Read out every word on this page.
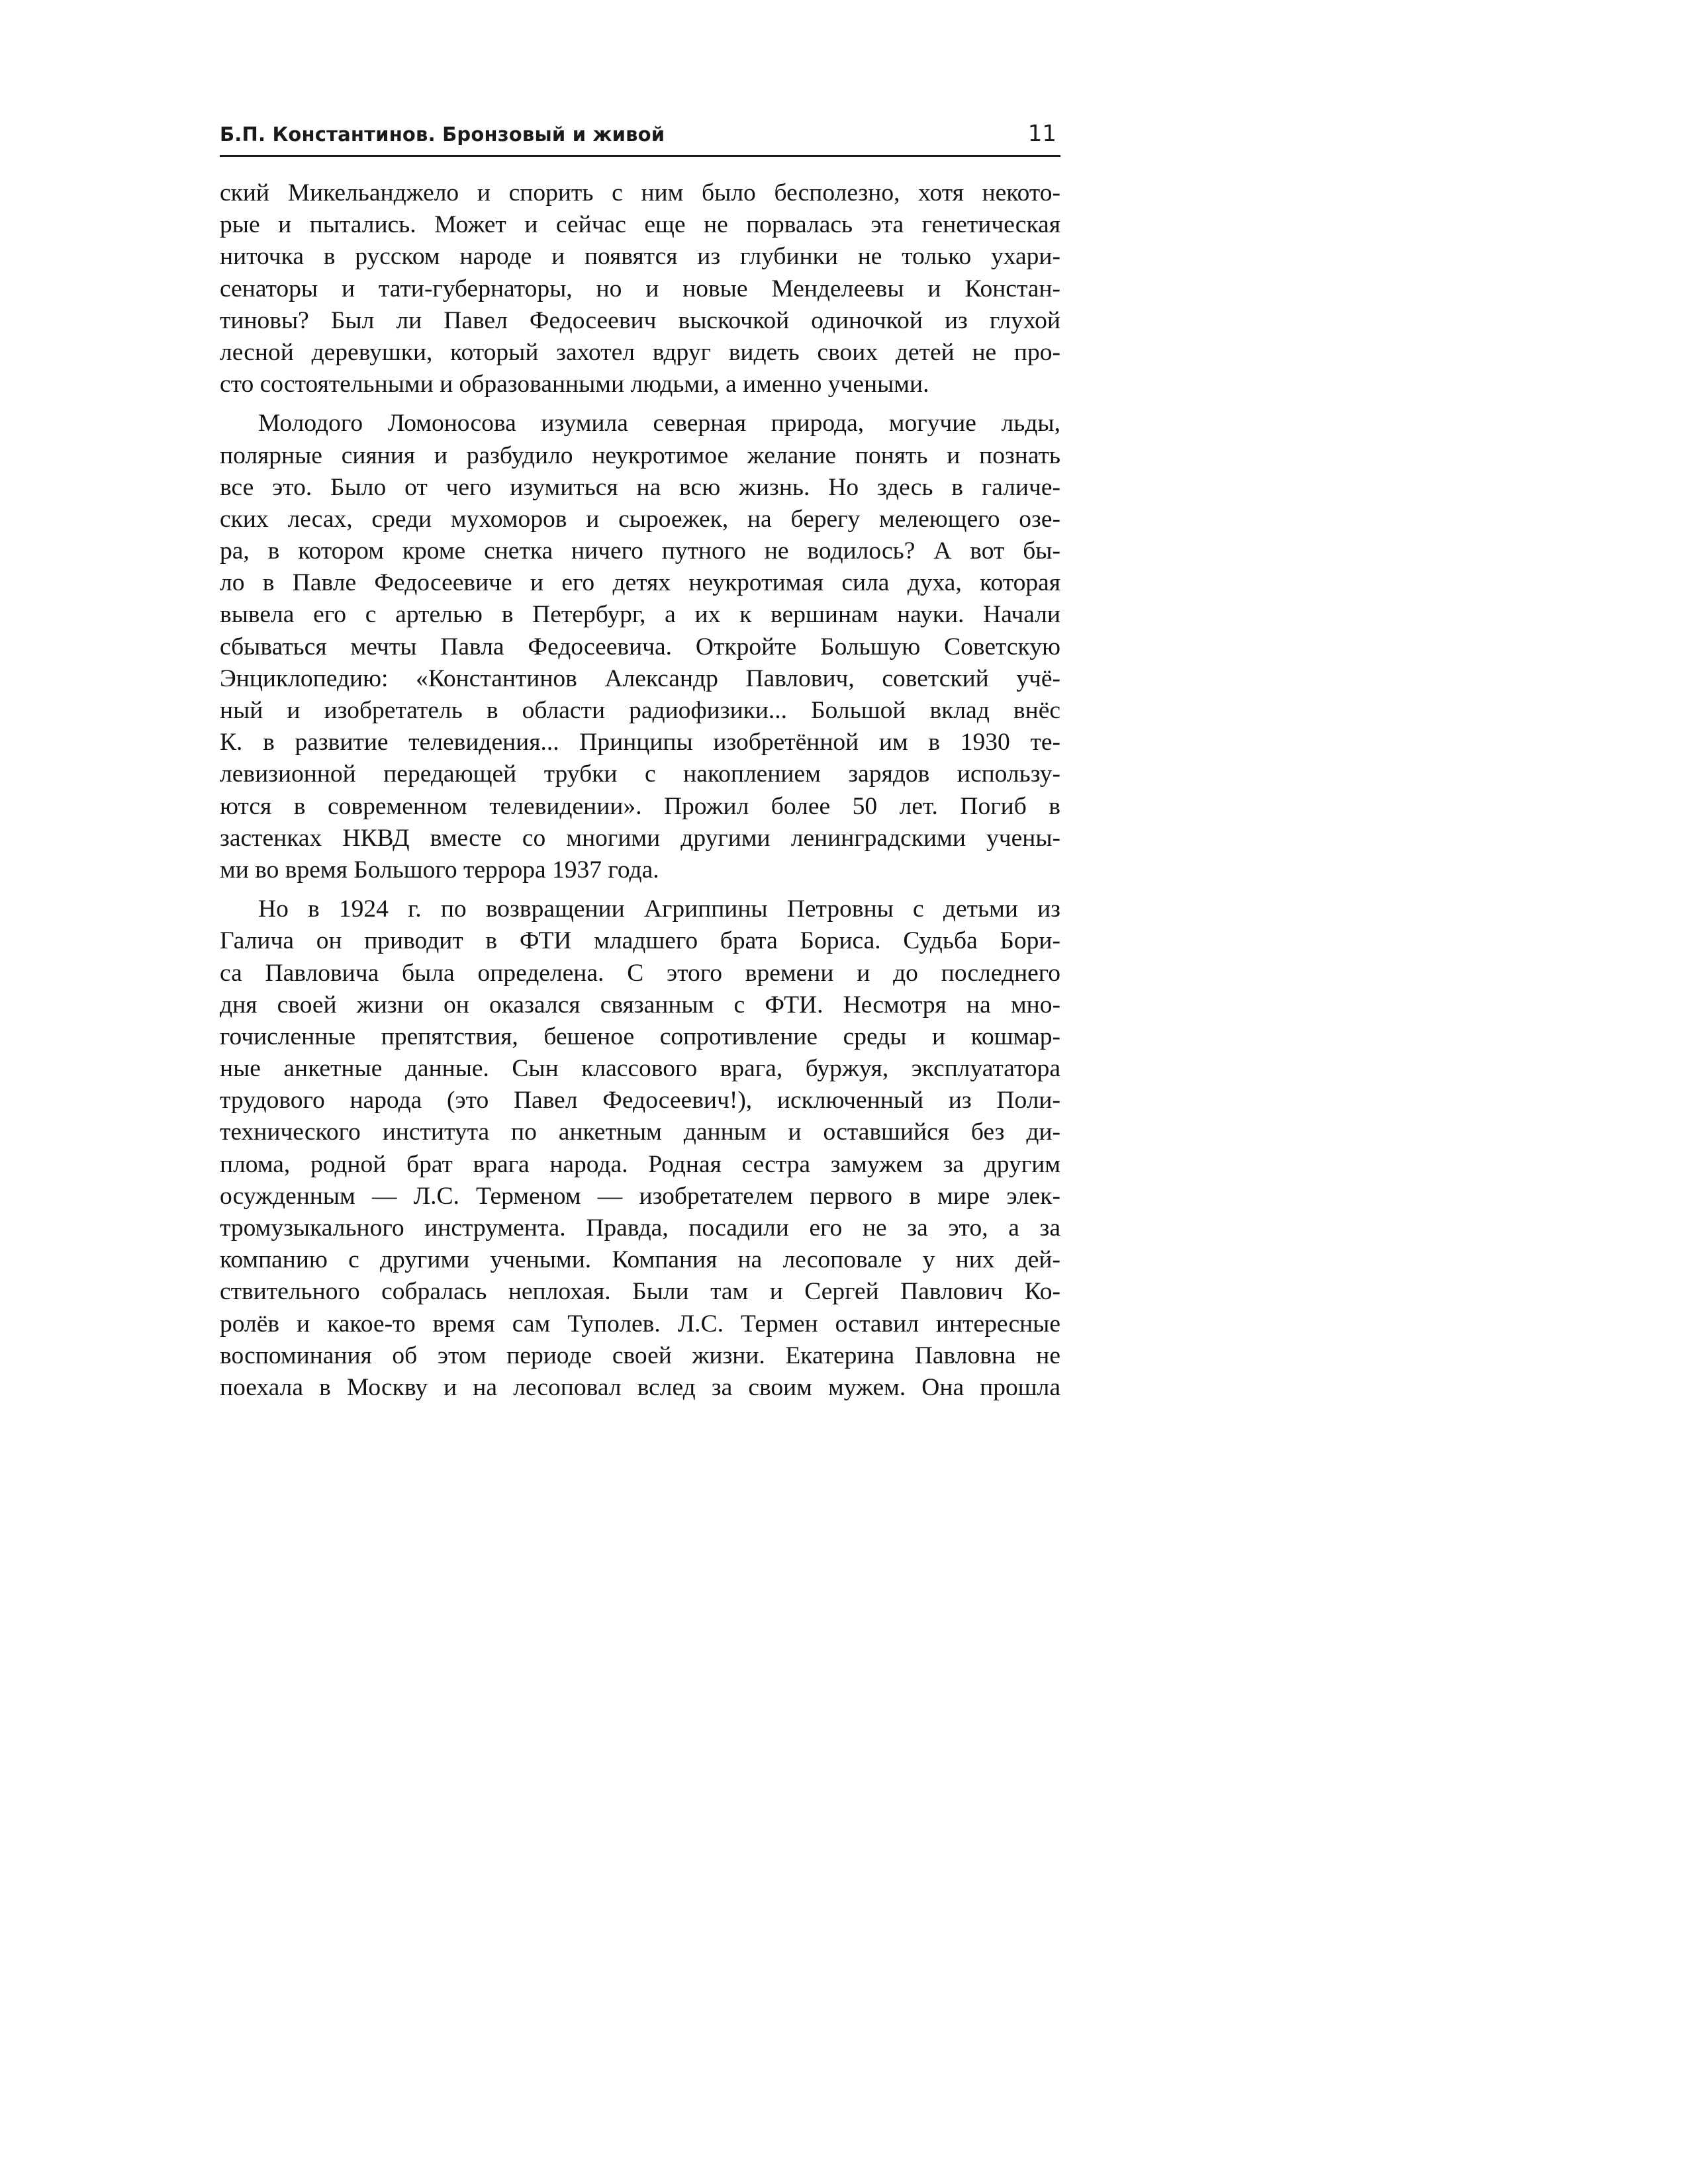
Б.П. Константинов. Бронзовый и живой	11
ский Микельанджело и спорить с ним было бесполезно, хотя некото-
рые и пытались. Может и сейчас еще не порвалась эта генетическая
ниточка в русском народе и появятся из глубинки не только ухари-
сенаторы и тати-губернаторы, но и новые Менделеевы и Констан-
тиновы? Был ли Павел Федосеевич выскочкой одиночкой из глухой
лесной деревушки, который захотел вдруг видеть своих детей не про-
сто состоятельными и образованными людьми, а именно учеными.
Молодого Ломоносова изумила северная природа, могучие льды,
полярные сияния и разбудило неукротимое желание понять и познать
все это. Было от чего изумиться на всю жизнь. Но здесь в галиче-
ских лесах, среди мухоморов и сыроежек, на берегу мелеющего озе-
ра, в котором кроме снетка ничего путного не водилось? А вот бы-
ло в Павле Федосеевиче и его детях неукротимая сила духа, которая
вывела его с артелью в Петербург, а их к вершинам науки. Начали
сбываться мечты Павла Федосеевича. Откройте Большую Советскую
Энциклопедию: «Константинов Александр Павлович, советский учё-
ный и изобретатель в области радиофизики... Большой вклад внёс
К. в развитие телевидения... Принципы изобретённой им в 1930 те-
левизионной передающей трубки с накоплением зарядов использу-
ются в современном телевидении». Прожил более 50 лет. Погиб в
застенках НКВД вместе со многими другими ленинградскими учены-
ми во время Большого террора 1937 года.
Но в 1924 г. по возвращении Агриппины Петровны с детьми из
Галича он приводит в ФТИ младшего брата Бориса. Судьба Бори-
са Павловича была определена. С этого времени и до последнего
дня своей жизни он оказался связанным с ФТИ. Несмотря на мно-
гочисленные препятствия, бешеное сопротивление среды и кошмар-
ные анкетные данные. Сын классового врага, буржуя, эксплуататора
трудового народа (это Павел Федосеевич!), исключенный из Поли-
технического института по анкетным данным и оставшийся без ди-
плома, родной брат врага народа. Родная сестра замужем за другим
осужденным — Л.С. Терменом — изобретателем первого в мире элек-
тромузыкального инструмента. Правда, посадили его не за это, а за
компанию с другими учеными. Компания на лесоповале у них дей-
ствительного собралась неплохая. Были там и Сергей Павлович Ко-
ролёв и какое-то время сам Туполев. Л.С. Термен оставил интересные
воспоминания об этом периоде своей жизни. Екатерина Павловна не
поехала в Москву и на лесоповал вслед за своим мужем. Она прошла
